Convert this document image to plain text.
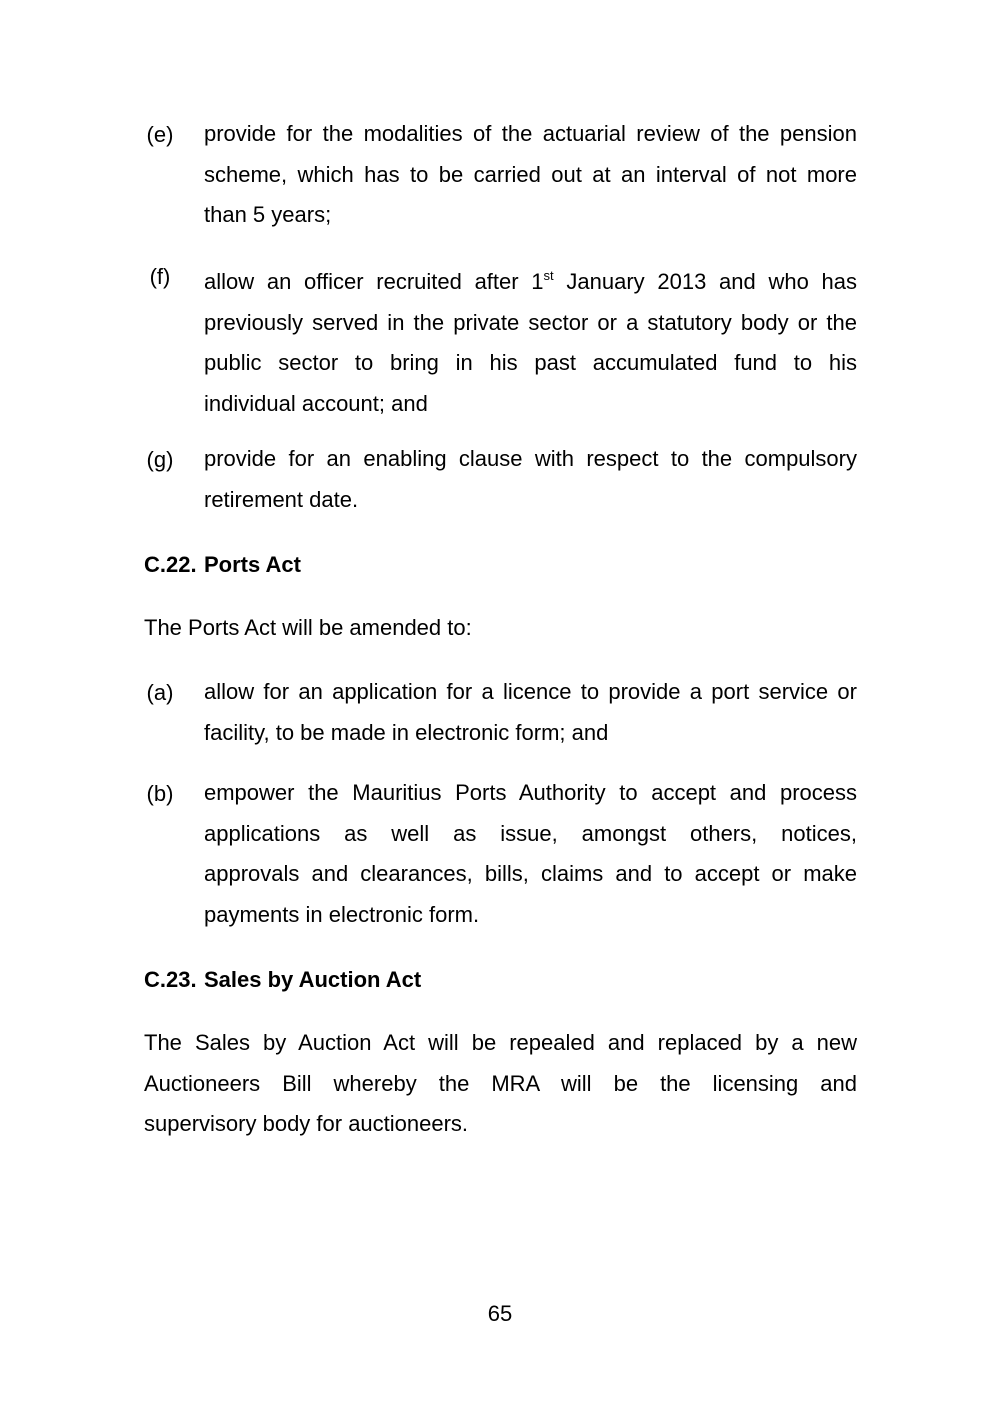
(e) provide for the modalities of the actuarial review of the pension
scheme, which has to be carried out at an interval of not more
than 5 years;
(f)	allow an officer recruited after 1st January 2013 and who has
previously served in the private sector or a statutory body or the
public sector to bring in his past accumulated fund to his
individual account; and
(g) provide for an enabling clause with respect to the compulsory
retirement date.
C.22. Ports Act
The Ports Act will be amended to:
(a) allow for an application for a licence to provide a port service or
facility, to be made in electronic form; and
(b) empower the Mauritius Ports Authority to accept and process
applications as well as issue, amongst others, notices,
approvals and clearances, bills, claims and to accept or make
payments in electronic form.
C.23. Sales by Auction Act
The Sales by Auction Act will be repealed and replaced by a new
Auctioneers Bill whereby the MRA will be the licensing and
supervisory body for auctioneers.
65
